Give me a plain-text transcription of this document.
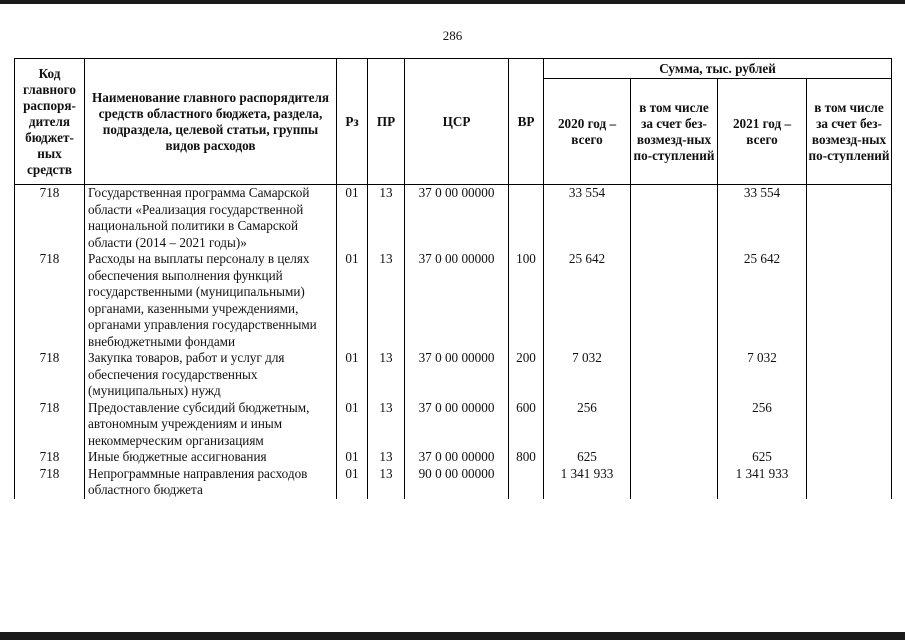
286
Код главного распоря-дителя бюджет-ных средств	Наименование главного распорядителя средств областного бюджета, раздела, подраздела, целевой статьи, группы видов расходов	Рз	ПР	ЦСР	ВР	Сумма, тыс. рублей			
						2020 год – всего	в том числе за счет без-возмезд-ных по-ступлений	2021 год – всего	в том числе за счет без-возмезд-ных по-ступлений
718	Государственная программа Самарской области «Реализация государственной национальной политики в Самарской области (2014 – 2021 годы)»	01	13	37 0 00 00000		33 554		33 554	
718	Расходы на выплаты персоналу в целях обеспечения выполнения функций государственными (муниципальными) органами, казенными учреждениями, органами управления государственными внебюджетными фондами	01	13	37 0 00 00000	100	25 642		25 642	
718	Закупка товаров, работ и услуг для обеспечения государственных (муниципальных) нужд	01	13	37 0 00 00000	200	7 032		7 032	
718	Предоставление субсидий бюджетным, автономным учреждениям и иным некоммерческим организациям	01	13	37 0 00 00000	600	256		256	
718	Иные бюджетные ассигнования	01	13	37 0 00 00000	800	625		625	
718	Непрограммные направления расходов областного бюджета	01	13	90 0 00 00000		1 341 933		1 341 933	
